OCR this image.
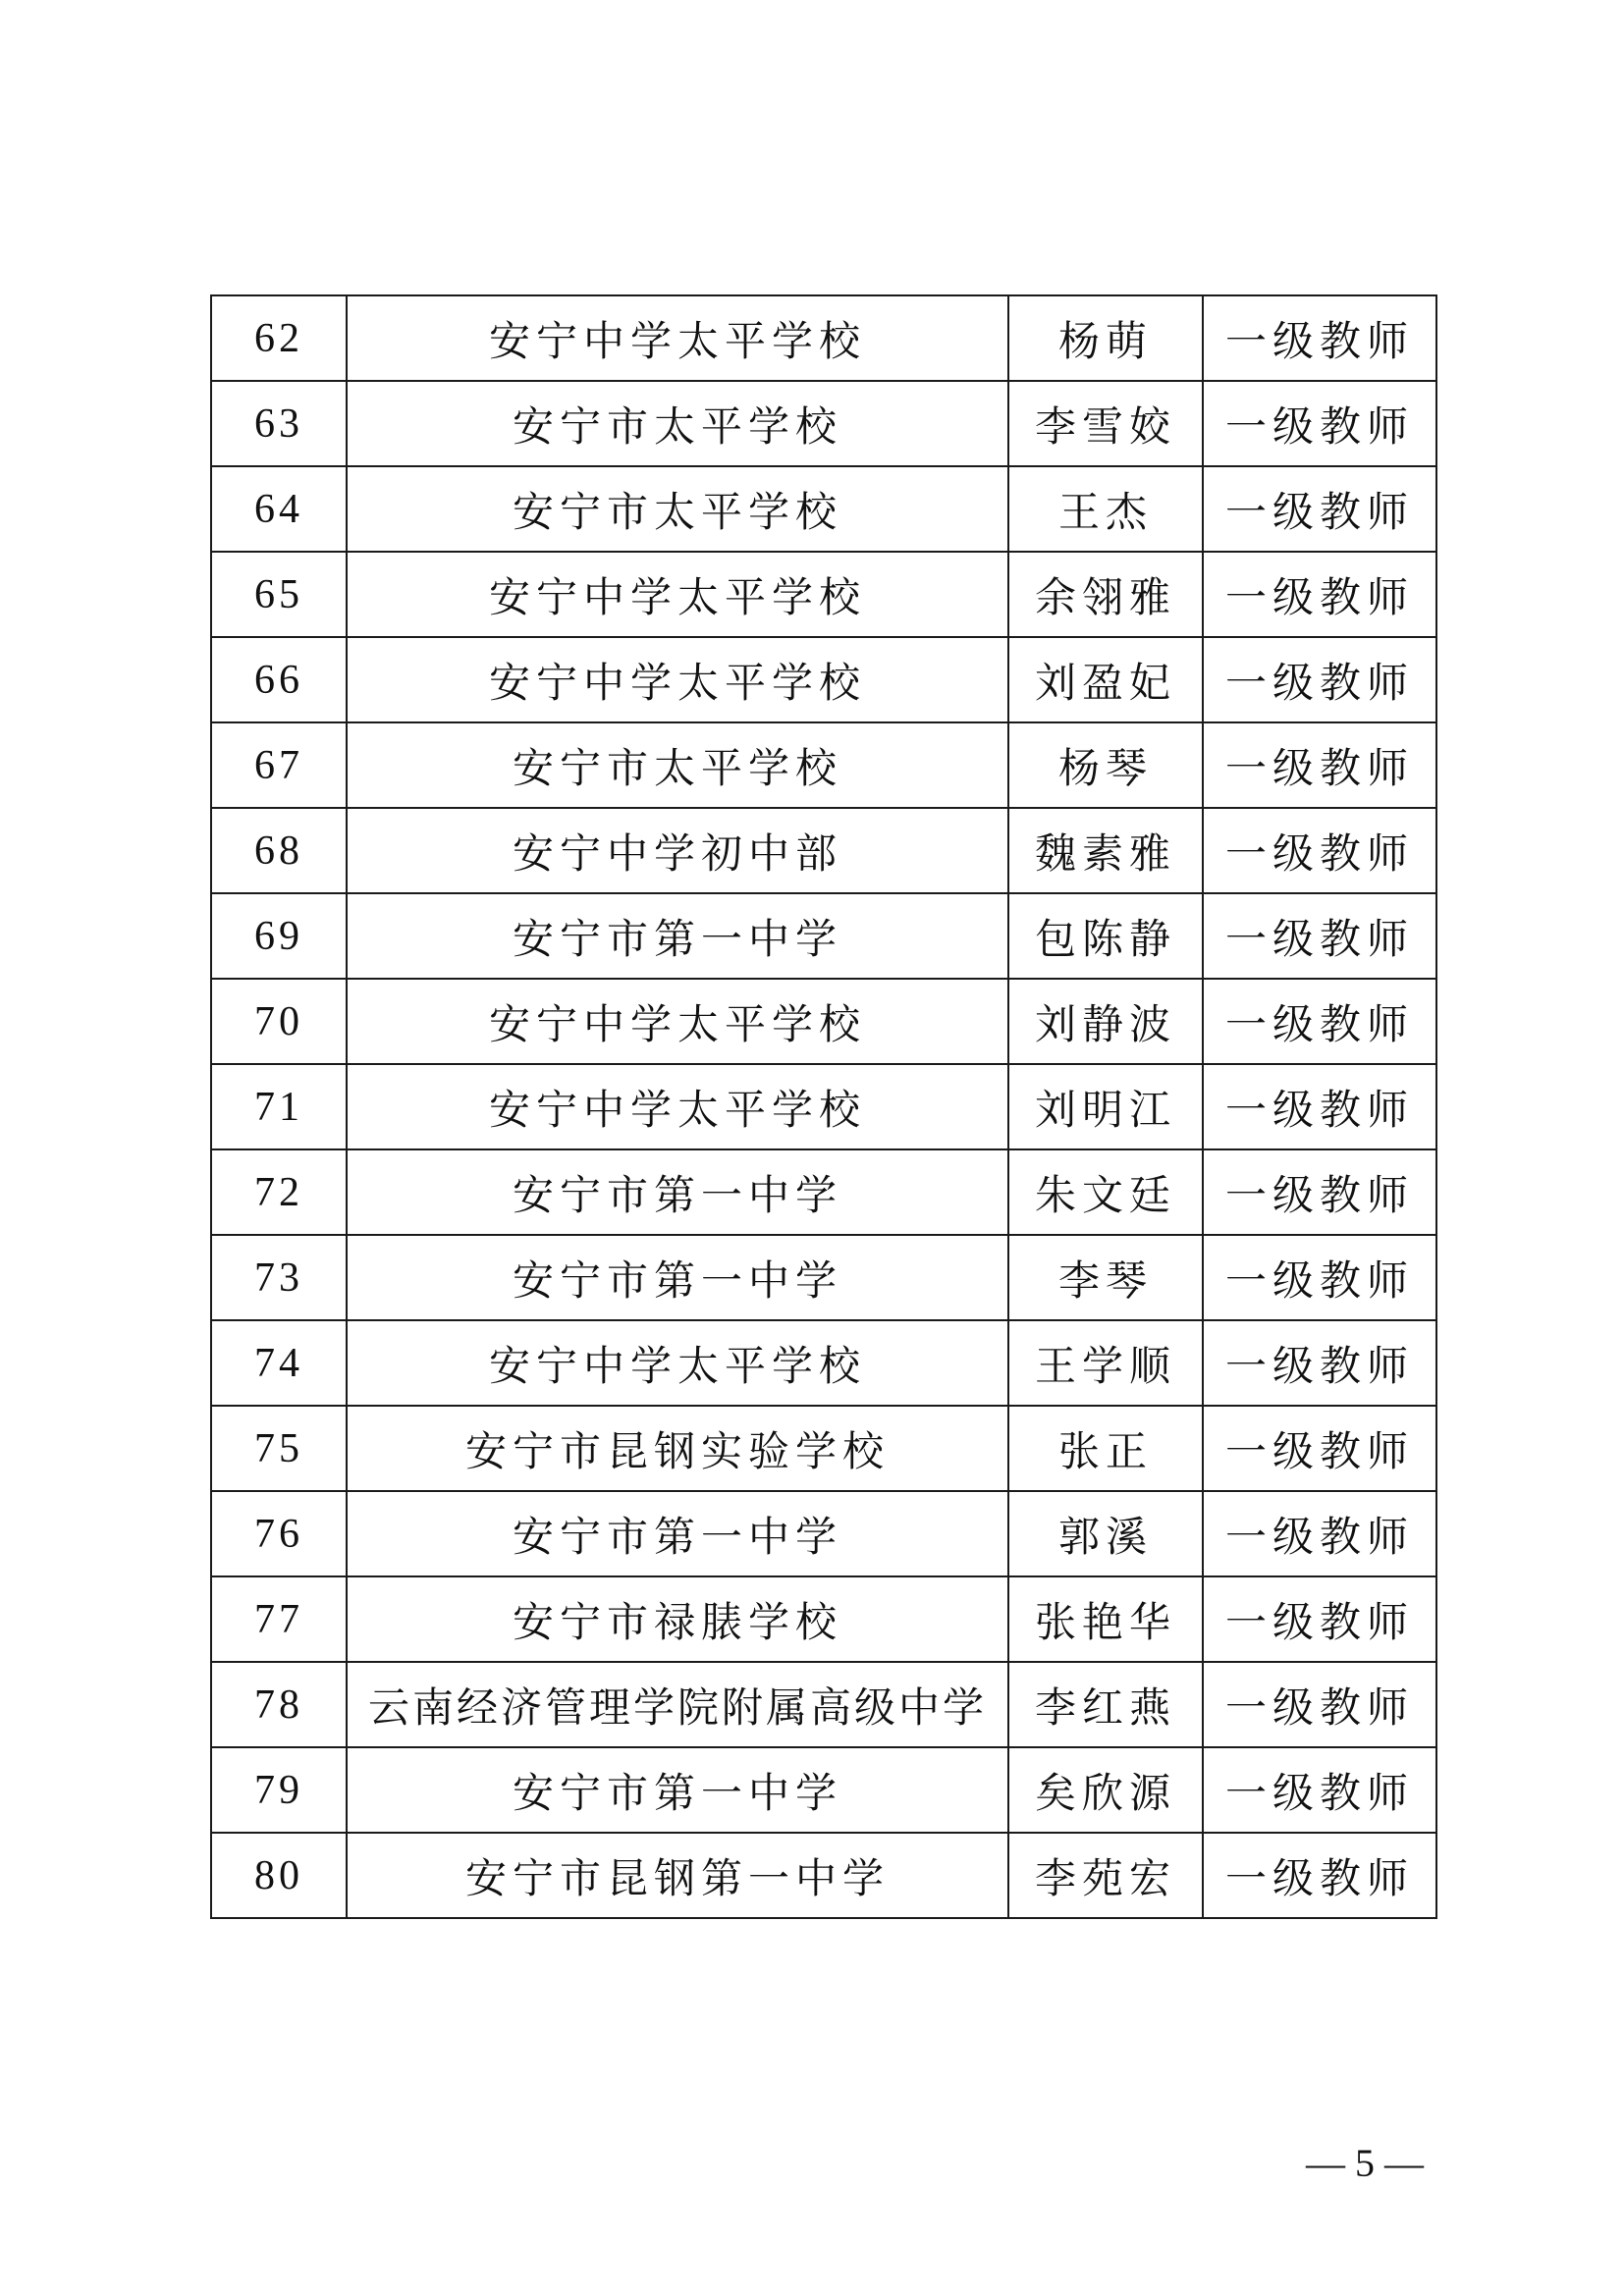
62	安宁中学太平学校	杨萌	一级教师
63	安宁市太平学校	李雪姣	一级教师
64	安宁市太平学校	王杰	一级教师
65	安宁中学太平学校	余翎雅	一级教师
66	安宁中学太平学校	刘盈妃	一级教师
67	安宁市太平学校	杨琴	一级教师
68	安宁中学初中部	魏素雅	一级教师
69	安宁市第一中学	包陈静	一级教师
70	安宁中学太平学校	刘静波	一级教师
71	安宁中学太平学校	刘明江	一级教师
72	安宁市第一中学	朱文廷	一级教师
73	安宁市第一中学	李琴	一级教师
74	安宁中学太平学校	王学顺	一级教师
75	安宁市昆钢实验学校	张正	一级教师
76	安宁市第一中学	郭溪	一级教师
77	安宁市禄脿学校	张艳华	一级教师
78	云南经济管理学院附属高级中学	李红燕	一级教师
79	安宁市第一中学	矣欣源	一级教师
80	安宁市昆钢第一中学	李苑宏	一级教师
— 5 —
